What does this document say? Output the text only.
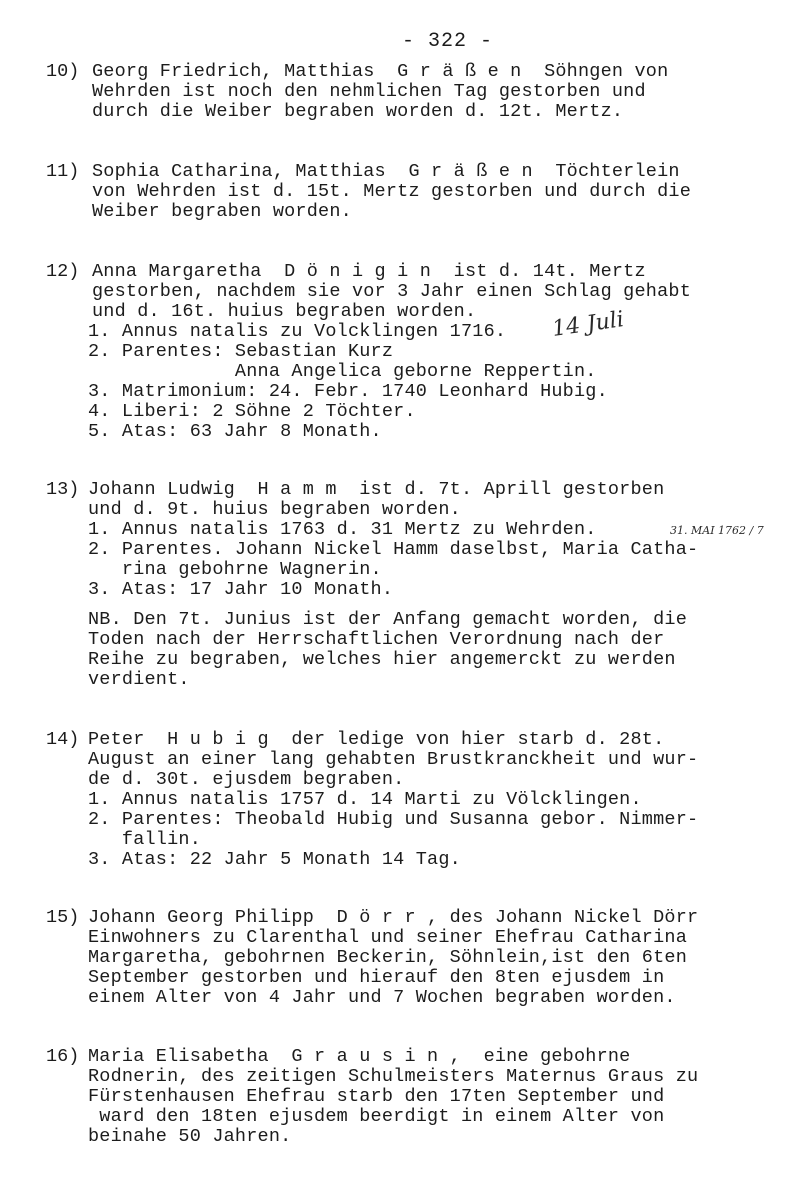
- 322 -
10) Georg Friedrich, Matthias  G r ä ß e n  Söhngen von
Wehrden ist noch den nehmlichen Tag gestorben und
durch die Weiber begraben worden d. 12t. Mertz.
11) Sophia Catharina, Matthias  G r ä ß e n  Töchterlein
von Wehrden ist d. 15t. Mertz gestorben und durch die
Weiber begraben worden.
12) Anna Margaretha  D ö n i g i n  ist d. 14t. Mertz
gestorben, nachdem sie vor 3 Jahr einen Schlag gehabt
und d. 16t. huius begraben worden.
1. Annus natalis zu Volcklingen 1716. 14 Juli
2. Parentes: Sebastian Kurz
Anna Angelica geborne Reppertin.
3. Matrimonium: 24. Febr. 1740 Leonhard Hubig.
4. Liberi: 2 Söhne 2 Töchter.
5. Atas: 63 Jahr 8 Monath.
13) Johann Ludwig  H a m m  ist d. 7t. Aprill gestorben
und d. 9t. huius begraben worden.
1. Annus natalis 1763 d. 31 Mertz zu Wehrden.	31. MAI 1762 / 7
2. Parentes. Johann Nickel Hamm daselbst, Maria Catha-
rina gebohrne Wagnerin.
3. Atas: 17 Jahr 10 Monath.
NB. Den 7t. Junius ist der Anfang gemacht worden, die
Toden nach der Herrschaftlichen Verordnung nach der
Reihe zu begraben, welches hier angemerckt zu werden
verdient.
14) Peter  H u b i g  der ledige von hier starb d. 28t.
August an einer lang gehabten Brustkranckheit und wur-
de d. 30t. ejusdem begraben.
1. Annus natalis 1757 d. 14 Marti zu Völcklingen.
2. Parentes: Theobald Hubig und Susanna gebor. Nimmer-
fallin.
3. Atas: 22 Jahr 5 Monath 14 Tag.
15) Johann Georg Philipp  D ö r r , des Johann Nickel Dörr
Einwohners zu Clarenthal und seiner Ehefrau Catharina
Margaretha, gebohrnen Beckerin, Söhnlein,ist den 6ten
September gestorben und hierauf den 8ten ejusdem in
einem Alter von 4 Jahr und 7 Wochen begraben worden.
16) Maria Elisabetha  G r a u s i n ,  eine gebohrne
Rodnerin, des zeitigen Schulmeisters Maternus Graus zu
Fürstenhausen Ehefrau starb den 17ten September und
ward den 18ten ejusdem beerdigt in einem Alter von
beinahe 50 Jahren.
